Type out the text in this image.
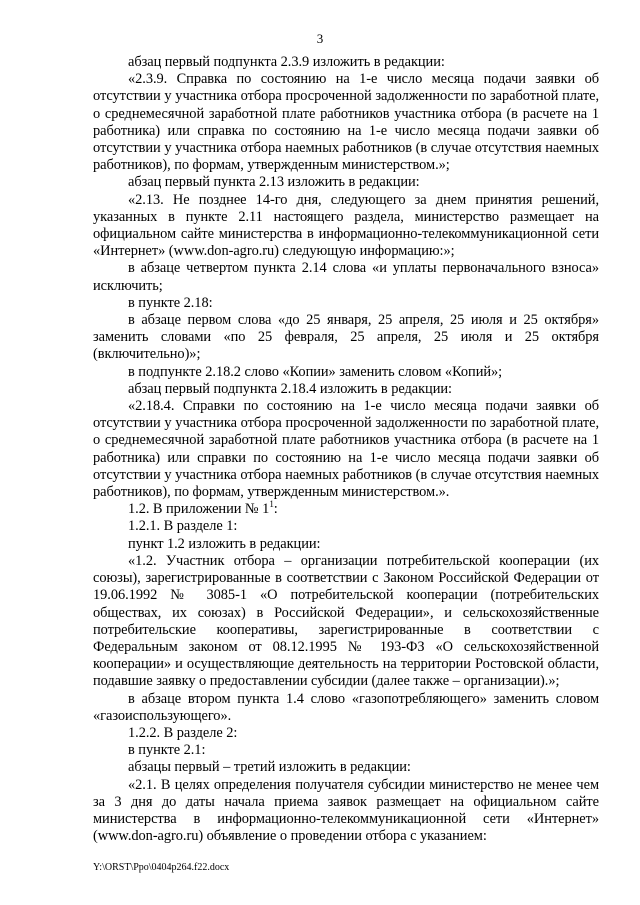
3

абзац первый подпункта 2.3.9 изложить в редакции:

«2.3.9. Справка по состоянию на 1-е число месяца подачи заявки об отсутствии у участника отбора просроченной задолженности по заработной плате, о среднемесячной заработной плате работников участника отбора (в расчете на 1 работника) или справка по состоянию на 1-е число месяца подачи заявки об отсутствии у участника отбора наемных работников (в случае отсутствия наемных работников), по формам, утвержденным министерством.»;

абзац первый пункта 2.13 изложить в редакции:

«2.13. Не позднее 14-го дня, следующего за днем принятия решений, указанных в пункте 2.11 настоящего раздела, министерство размещает на официальном сайте министерства в информационно-телекоммуникационной сети «Интернет» (www.don-agro.ru) следующую информацию:»;

в абзаце четвертом пункта 2.14 слова «и уплаты первоначального взноса» исключить;

в пункте 2.18:

в абзаце первом слова «до 25 января, 25 апреля, 25 июля и 25 октября» заменить словами «по 25 февраля, 25 апреля, 25 июля и 25 октября (включительно)»;

в подпункте 2.18.2 слово «Копии» заменить словом «Копий»;

абзац первый подпункта 2.18.4 изложить в редакции:

«2.18.4. Справки по состоянию на 1-е число месяца подачи заявки об отсутствии у участника отбора просроченной задолженности по заработной плате, о среднемесячной заработной плате работников участника отбора (в расчете на 1 работника) или справки по состоянию на 1-е число месяца подачи заявки об отсутствии у участника отбора наемных работников (в случае отсутствия наемных работников), по формам, утвержденным министерством.».

1.2. В приложении № $1^1$:

1.2.1. В разделе 1:

пункт 1.2 изложить в редакции:

«1.2. Участник отбора – организации потребительской кооперации (их союзы), зарегистрированные в соответствии с Законом Российской Федерации от 19.06.1992 № 3085-1 «О потребительской кооперации (потребительских обществах, их союзах) в Российской Федерации», и сельскохозяйственные потребительские кооперативы, зарегистрированные в соответствии с Федеральным законом от 08.12.1995 № 193-ФЗ «О сельскохозяйственной кооперации» и осуществляющие деятельность на территории Ростовской области, подавшие заявку о предоставлении субсидии (далее также – организации).»;

в абзаце втором пункта 1.4 слово «газопотребляющего» заменить словом «газоиспользующего».

1.2.2. В разделе 2:

в пункте 2.1:

абзацы первый – третий изложить в редакции:

«2.1. В целях определения получателя субсидии министерство не менее чем за 3 дня до даты начала приема заявок размещает на официальном сайте министерства в информационно-телекоммуникационной сети «Интернет» (www.don-agro.ru) объявление о проведении отбора с указанием:

Y:\ORST\Ppo\0404p264.f22.docx
